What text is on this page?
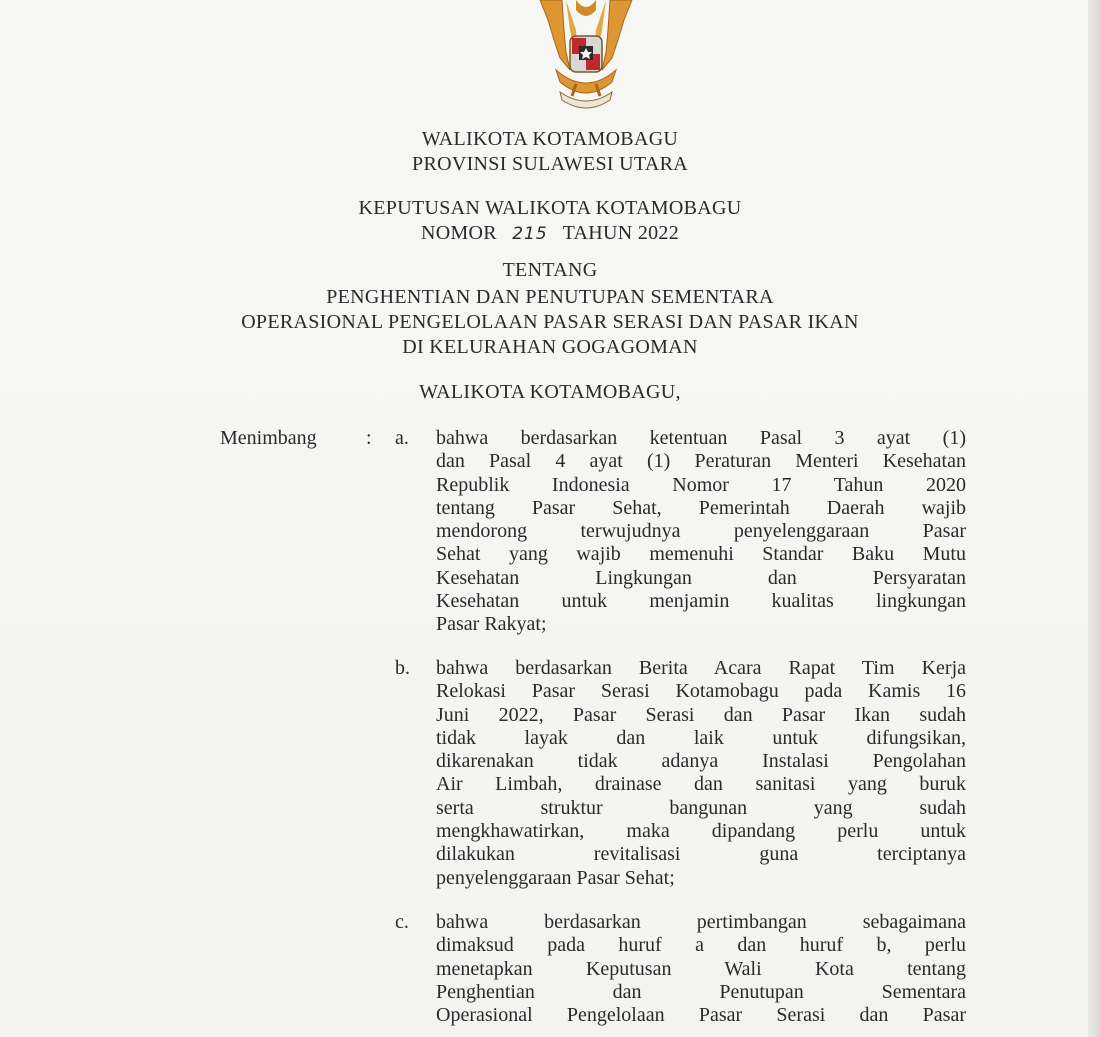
WALIKOTA KOTAMOBAGU
PROVINSI SULAWESI UTARA
KEPUTUSAN WALIKOTA KOTAMOBAGU
NOMOR 215 TAHUN 2022
TENTANG
PENGHENTIAN DAN PENUTUPAN SEMENTARA
OPERASIONAL PENGELOLAAN PASAR SERASI DAN PASAR IKAN
DI KELURAHAN GOGAGOMAN
WALIKOTA KOTAMOBAGU,
Menimbang : a. bahwa berdasarkan ketentuan Pasal 3 ayat (1)
dan Pasal 4 ayat (1) Peraturan Menteri Kesehatan
Republik Indonesia Nomor 17 Tahun 2020
tentang Pasar Sehat, Pemerintah Daerah wajib
mendorong terwujudnya penyelenggaraan Pasar
Sehat yang wajib memenuhi Standar Baku Mutu
Kesehatan Lingkungan dan Persyaratan
Kesehatan untuk menjamin kualitas lingkungan
Pasar Rakyat;
b. bahwa berdasarkan Berita Acara Rapat Tim Kerja
Relokasi Pasar Serasi Kotamobagu pada Kamis 16
Juni 2022, Pasar Serasi dan Pasar Ikan sudah
tidak layak dan laik untuk difungsikan,
dikarenakan tidak adanya Instalasi Pengolahan
Air Limbah, drainase dan sanitasi yang buruk
serta struktur bangunan yang sudah
mengkhawatirkan, maka dipandang perlu untuk
dilakukan revitalisasi guna terciptanya
penyelenggaraan Pasar Sehat;
c. bahwa berdasarkan pertimbangan sebagaimana
dimaksud pada huruf a dan huruf b, perlu
menetapkan Keputusan Wali Kota tentang
Penghentian dan Penutupan Sementara
Operasional Pengelolaan Pasar Serasi dan Pasar
